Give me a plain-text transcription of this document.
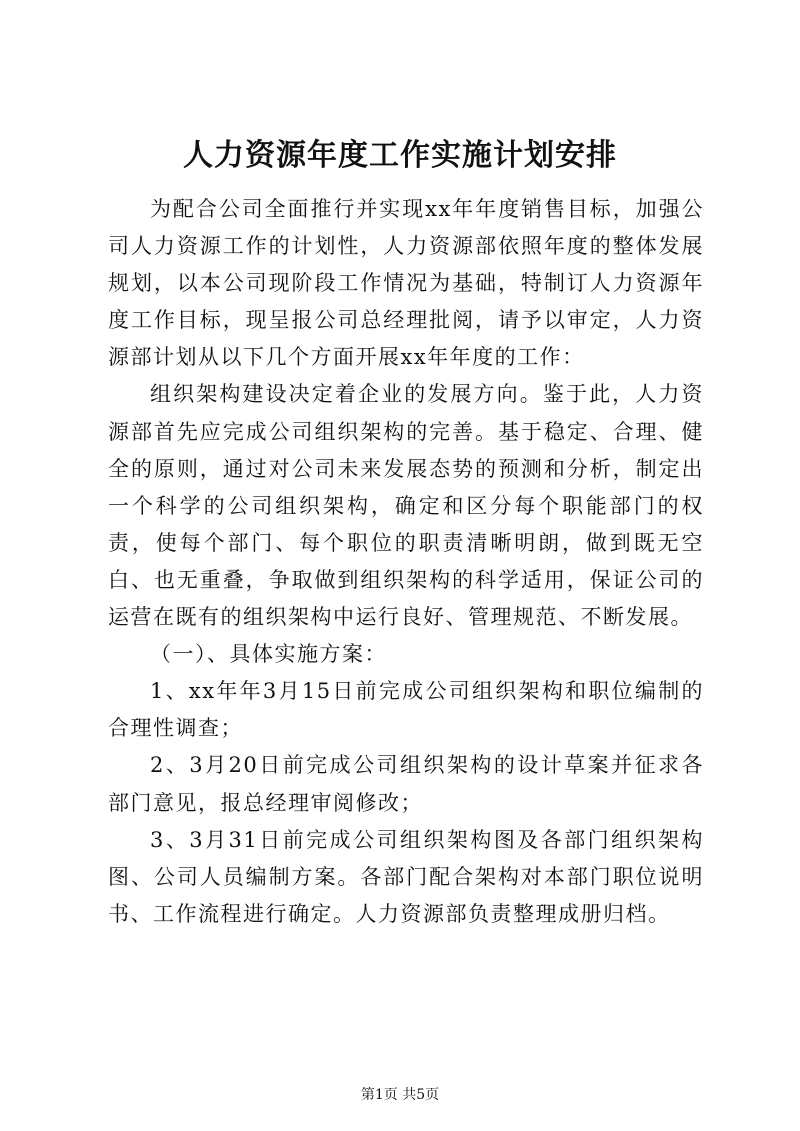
人力资源年度工作实施计划安排

为配合公司全面推行并实现xx年年度销售目标，加强公司人力资源工作的计划性，人力资源部依照年度的整体发展规划，以本公司现阶段工作情况为基础，特制订人力资源年度工作目标，现呈报公司总经理批阅，请予以审定，人力资源部计划从以下几个方面开展xx年年度的工作：

组织架构建设决定着企业的发展方向。鉴于此，人力资源部首先应完成公司组织架构的完善。基于稳定、合理、健全的原则，通过对公司未来发展态势的预测和分析，制定出一个科学的公司组织架构，确定和区分每个职能部门的权责，使每个部门、每个职位的职责清晰明朗，做到既无空白、也无重叠，争取做到组织架构的科学适用，保证公司的运营在既有的组织架构中运行良好、管理规范、不断发展。

（一）、具体实施方案：

1、xx年年3月15日前完成公司组织架构和职位编制的合理性调查；

2、3月20日前完成公司组织架构的设计草案并征求各部门意见，报总经理审阅修改；

3、3月31日前完成公司组织架构图及各部门组织架构图、公司人员编制方案。各部门配合架构对本部门职位说明书、工作流程进行确定。人力资源部负责整理成册归档。

第1页 共5页
